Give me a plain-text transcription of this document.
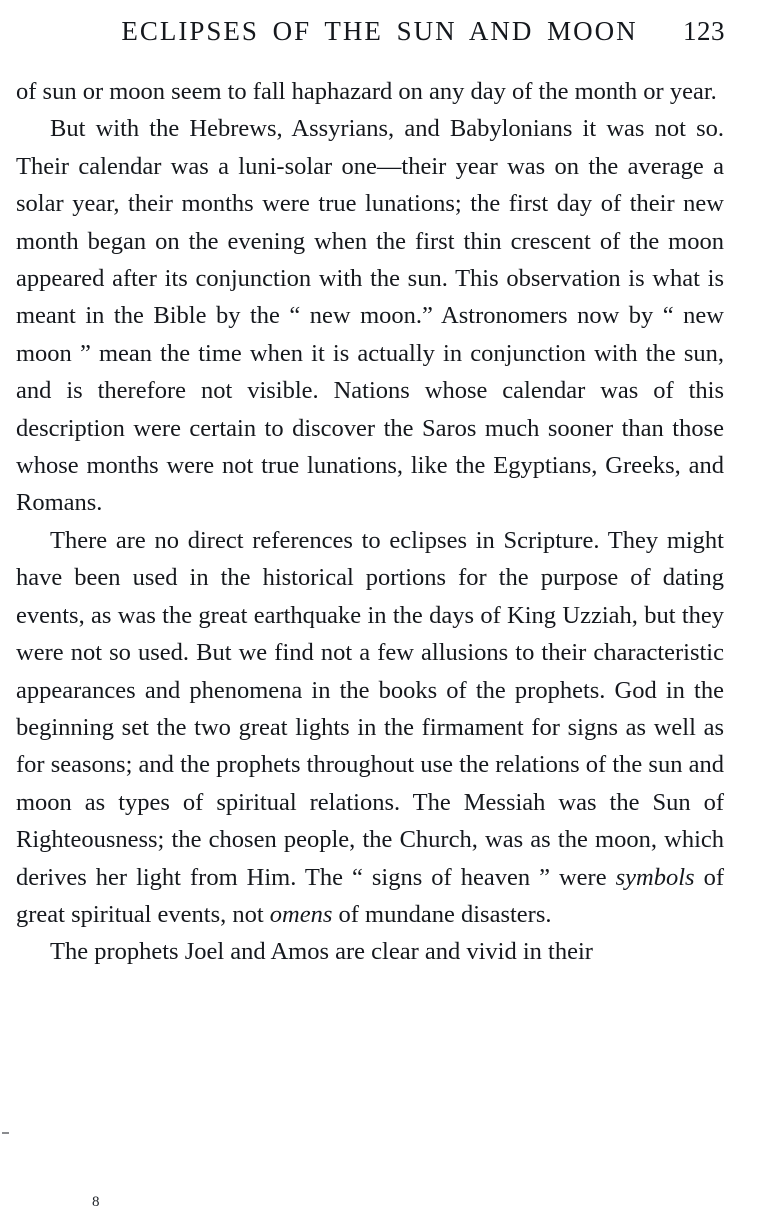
ECLIPSES OF THE SUN AND MOON 123

of sun or moon seem to fall haphazard on any day of the month or year.

But with the Hebrews, Assyrians, and Babylonians it was not so. Their calendar was a luni-solar one—their year was on the average a solar year, their months were true lunations; the first day of their new month began on the evening when the first thin crescent of the moon appeared after its conjunction with the sun. This observation is what is meant in the Bible by the “ new moon.” Astronomers now by “ new moon ” mean the time when it is actually in conjunction with the sun, and is therefore not visible. Nations whose calendar was of this description were certain to discover the Saros much sooner than those whose months were not true lunations, like the Egyptians, Greeks, and Romans.

There are no direct references to eclipses in Scripture. They might have been used in the historical portions for the purpose of dating events, as was the great earthquake in the days of King Uzziah, but they were not so used. But we find not a few allusions to their characteristic appearances and phenomena in the books of the prophets. God in the beginning set the two great lights in the firmament for signs as well as for seasons; and the prophets throughout use the relations of the sun and moon as types of spiritual relations. The Messiah was the Sun of Righteousness; the chosen people, the Church, was as the moon, which derives her light from Him. The “ signs of heaven ” were symbols of great spiritual events, not omens of mundane disasters.

The prophets Joel and Amos are clear and vivid in their

8
